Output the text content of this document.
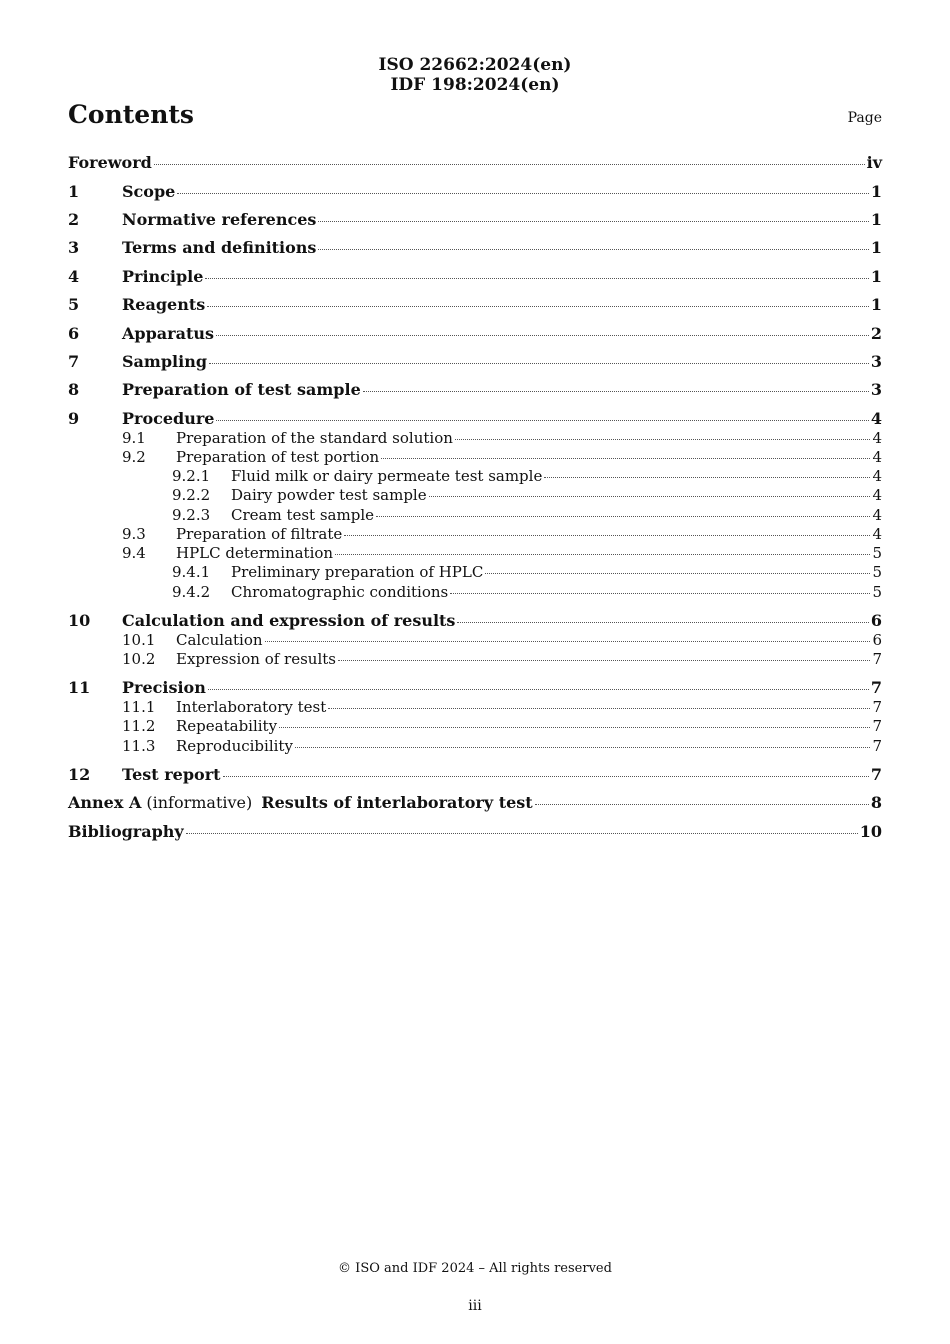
ISO 22662:2024(en)
IDF 198:2024(en)
Contents	Page
Foreword	iv
1	Scope	1
2	Normative references	1
3	Terms and definitions	1
4	Principle	1
5	Reagents	1
6	Apparatus	2
7	Sampling	3
8	Preparation of test sample	3
9	Procedure	4
9.1	Preparation of the standard solution	4
9.2	Preparation of test portion	4
9.2.1	Fluid milk or dairy permeate test sample	4
9.2.2	Dairy powder test sample	4
9.2.3	Cream test sample	4
9.3	Preparation of filtrate	4
9.4	HPLC determination	5
9.4.1	Preliminary preparation of HPLC	5
9.4.2	Chromatographic conditions	5
10	Calculation and expression of results	6
10.1	Calculation	6
10.2	Expression of results	7
11	Precision	7
11.1	Interlaboratory test	7
11.2	Repeatability	7
11.3	Reproducibility	7
12	Test report	7
Annex A (informative) Results of interlaboratory test	8
Bibliography	10
© ISO and IDF 2024 – All rights reserved
iii
